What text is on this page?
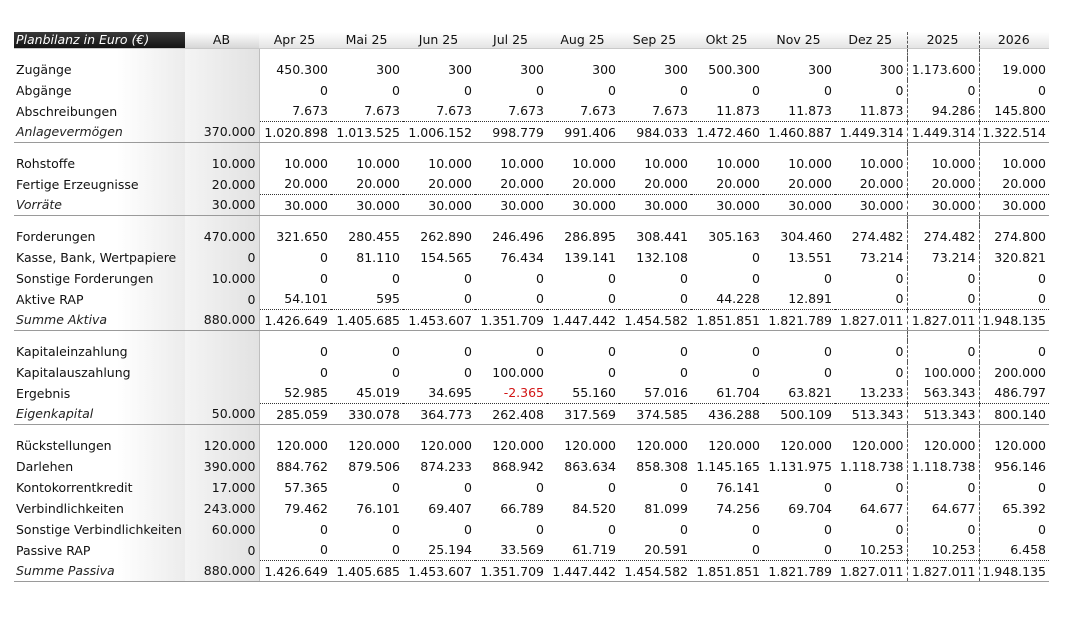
Planbilanz in Euro (€)	AB	Apr 25	Mai 25	Jun 25	Jul 25	Aug 25	Sep 25	Okt 25	Nov 25	Dez 25	2025	2026

Zugänge		450.300	300	300	300	300	300	500.300	300	300	1.173.600	19.000
Abgänge		0	0	0	0	0	0	0	0	0	0	0
Abschreibungen		7.673	7.673	7.673	7.673	7.673	7.673	11.873	11.873	11.873	94.286	145.800
Anlagevermögen	370.000	1.020.898	1.013.525	1.006.152	998.779	991.406	984.033	1.472.460	1.460.887	1.449.314	1.449.314	1.322.514

Rohstoffe	10.000	10.000	10.000	10.000	10.000	10.000	10.000	10.000	10.000	10.000	10.000	10.000
Fertige Erzeugnisse	20.000	20.000	20.000	20.000	20.000	20.000	20.000	20.000	20.000	20.000	20.000	20.000
Vorräte	30.000	30.000	30.000	30.000	30.000	30.000	30.000	30.000	30.000	30.000	30.000	30.000

Forderungen	470.000	321.650	280.455	262.890	246.496	286.895	308.441	305.163	304.460	274.482	274.482	274.800
Kasse, Bank, Wertpapiere	0	0	81.110	154.565	76.434	139.141	132.108	0	13.551	73.214	73.214	320.821
Sonstige Forderungen	10.000	0	0	0	0	0	0	0	0	0	0	0
Aktive RAP	0	54.101	595	0	0	0	0	44.228	12.891	0	0	0
Summe Aktiva	880.000	1.426.649	1.405.685	1.453.607	1.351.709	1.447.442	1.454.582	1.851.851	1.821.789	1.827.011	1.827.011	1.948.135

Kapitaleinzahlung		0	0	0	0	0	0	0	0	0	0	0
Kapitalauszahlung		0	0	0	100.000	0	0	0	0	0	100.000	200.000
Ergebnis		52.985	45.019	34.695	-2.365	55.160	57.016	61.704	63.821	13.233	563.343	486.797
Eigenkapital	50.000	285.059	330.078	364.773	262.408	317.569	374.585	436.288	500.109	513.343	513.343	800.140

Rückstellungen	120.000	120.000	120.000	120.000	120.000	120.000	120.000	120.000	120.000	120.000	120.000	120.000
Darlehen	390.000	884.762	879.506	874.233	868.942	863.634	858.308	1.145.165	1.131.975	1.118.738	1.118.738	956.146
Kontokorrentkredit	17.000	57.365	0	0	0	0	0	76.141	0	0	0	0
Verbindlichkeiten	243.000	79.462	76.101	69.407	66.789	84.520	81.099	74.256	69.704	64.677	64.677	65.392
Sonstige Verbindlichkeiten	60.000	0	0	0	0	0	0	0	0	0	0	0
Passive RAP	0	0	0	25.194	33.569	61.719	20.591	0	0	10.253	10.253	6.458
Summe Passiva	880.000	1.426.649	1.405.685	1.453.607	1.351.709	1.447.442	1.454.582	1.851.851	1.821.789	1.827.011	1.827.011	1.948.135
